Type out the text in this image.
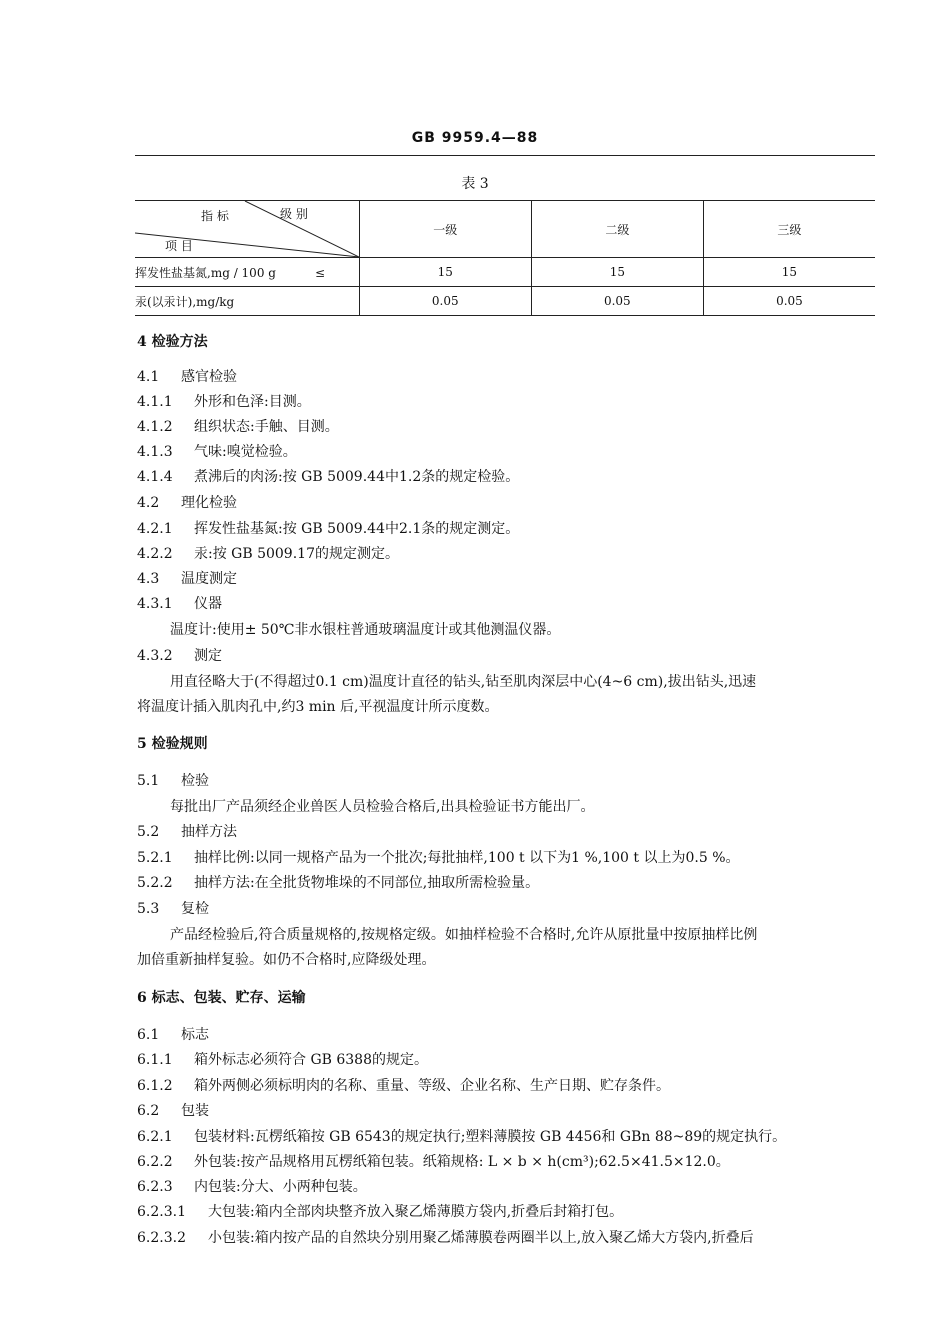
GB 9959.4—88
表 3
指 标 级 别
项 目	一级	二级	三级
挥发性盐基氮,mg / 100 g ≤	15	15	15
汞(以汞计),mg/kg	0.05	0.05	0.05
4 检验方法
4.1 感官检验
4.1.1 外形和色泽:目测。
4.1.2 组织状态:手触、目测。
4.1.3 气味:嗅觉检验。
4.1.4 煮沸后的肉汤:按 GB 5009.44中1.2条的规定检验。
4.2 理化检验
4.2.1 挥发性盐基氮:按 GB 5009.44中2.1条的规定测定。
4.2.2 汞:按 GB 5009.17的规定测定。
4.3 温度测定
4.3.1 仪器
温度计:使用± 50℃非水银柱普通玻璃温度计或其他测温仪器。
4.3.2 测定
用直径略大于(不得超过0.1 cm)温度计直径的钻头,钻至肌肉深层中心(4~6 cm),拔出钻头,迅速
将温度计插入肌肉孔中,约3 min 后,平视温度计所示度数。
5 检验规则
5.1 检验
每批出厂产品须经企业兽医人员检验合格后,出具检验证书方能出厂。
5.2 抽样方法
5.2.1 抽样比例:以同一规格产品为一个批次;每批抽样,100 t 以下为1 %,100 t 以上为0.5 %。
5.2.2 抽样方法:在全批货物堆垛的不同部位,抽取所需检验量。
5.3 复检
产品经检验后,符合质量规格的,按规格定级。如抽样检验不合格时,允许从原批量中按原抽样比例
加倍重新抽样复验。如仍不合格时,应降级处理。
6 标志、包装、贮存、运输
6.1 标志
6.1.1 箱外标志必须符合 GB 6388的规定。
6.1.2 箱外两侧必须标明肉的名称、重量、等级、企业名称、生产日期、贮存条件。
6.2 包装
6.2.1 包装材料:瓦楞纸箱按 GB 6543的规定执行;塑料薄膜按 GB 4456和 GBn 88~89的规定执行。
6.2.2 外包装:按产品规格用瓦楞纸箱包装。纸箱规格: L × b × h(cm³);62.5×41.5×12.0。
6.2.3 内包装:分大、小两种包装。
6.2.3.1 大包装:箱内全部肉块整齐放入聚乙烯薄膜方袋内,折叠后封箱打包。
6.2.3.2 小包装:箱内按产品的自然块分别用聚乙烯薄膜卷两圈半以上,放入聚乙烯大方袋内,折叠后
